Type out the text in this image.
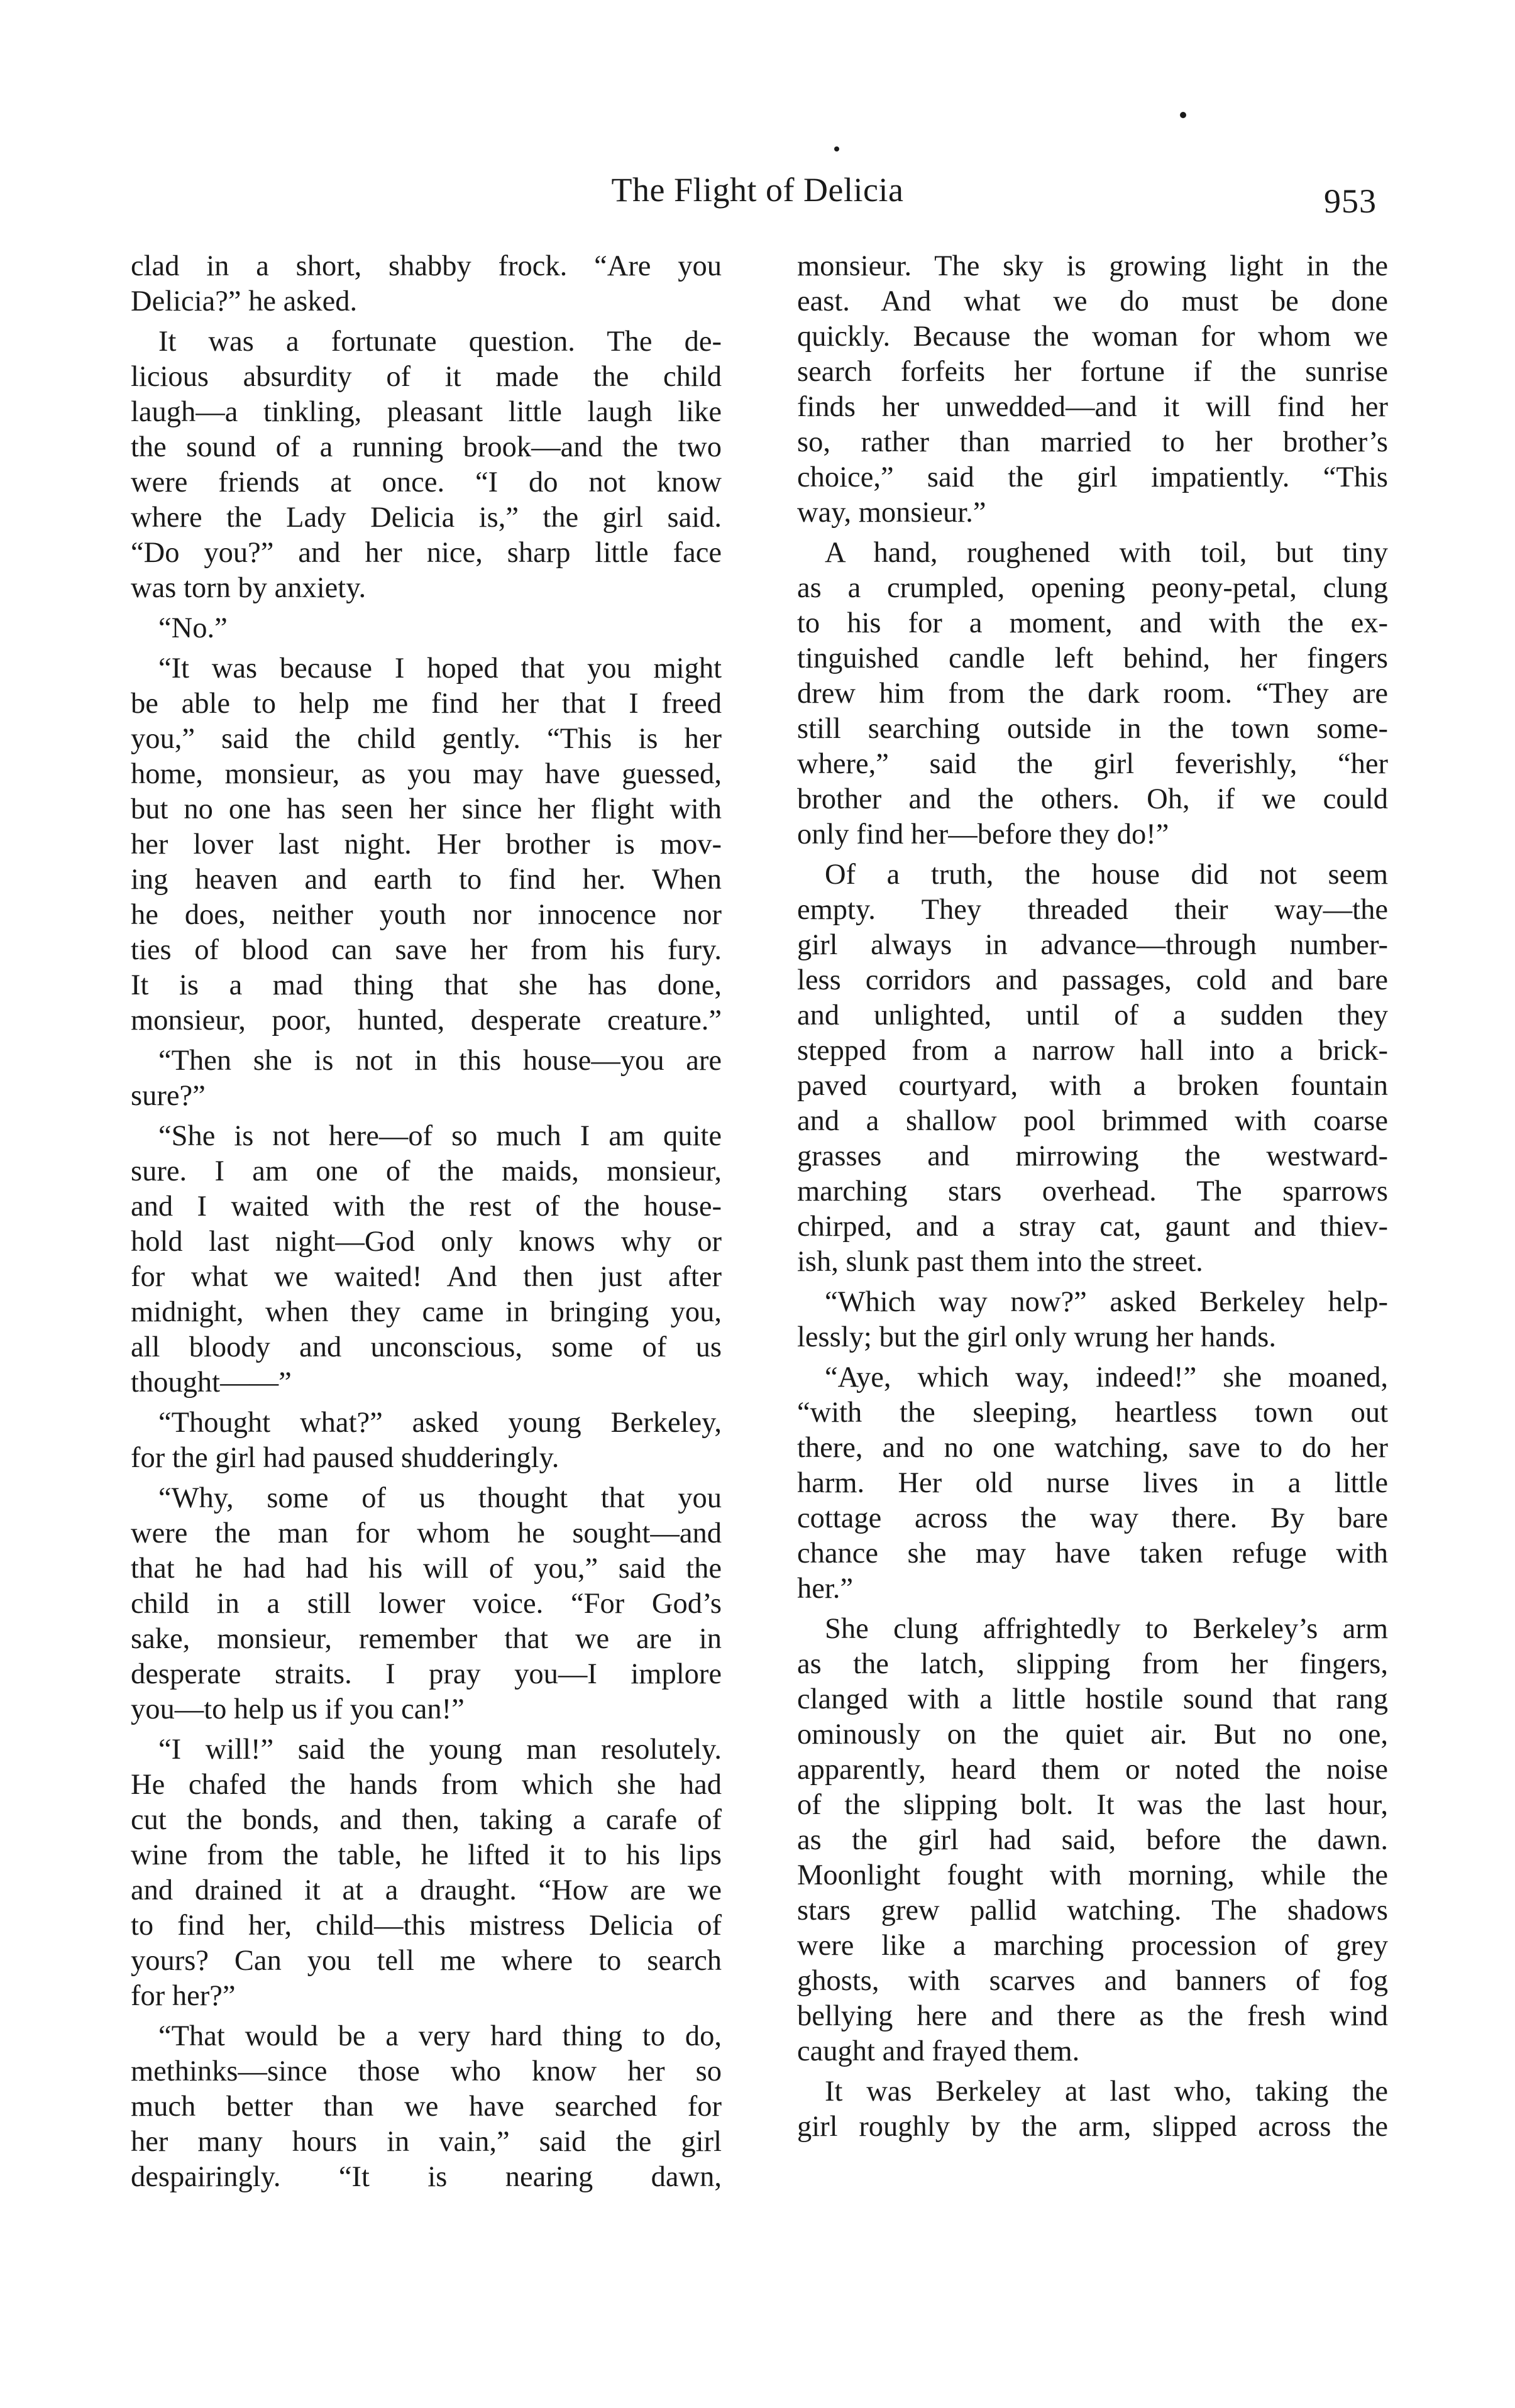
The Flight of Delicia	953
clad in a short, shabby frock. “Are you
Delicia?” he asked.
It was a fortunate question. The de-
licious absurdity of it made the child
laugh—a tinkling, pleasant little laugh like
the sound of a running brook—and the two
were friends at once. “I do not know
where the Lady Delicia is,” the girl said.
“Do you?” and her nice, sharp little face
was torn by anxiety.
“No.”
“It was because I hoped that you might
be able to help me find her that I freed
you,” said the child gently. “This is her
home, monsieur, as you may have guessed,
but no one has seen her since her flight with
her lover last night. Her brother is mov-
ing heaven and earth to find her. When
he does, neither youth nor innocence nor
ties of blood can save her from his fury.
It is a mad thing that she has done,
monsieur, poor, hunted, desperate creature.”
“Then she is not in this house—you are
sure?”
“She is not here—of so much I am quite
sure. I am one of the maids, monsieur,
and I waited with the rest of the house-
hold last night—God only knows why or
for what we waited! And then just after
midnight, when they came in bringing you,
all bloody and unconscious, some of us
thought——”
“Thought what?” asked young Berkeley,
for the girl had paused shudderingly.
“Why, some of us thought that you
were the man for whom he sought—and
that he had had his will of you,” said the
child in a still lower voice. “For God’s
sake, monsieur, remember that we are in
desperate straits. I pray you—I implore
you—to help us if you can!”
“I will!” said the young man resolutely.
He chafed the hands from which she had
cut the bonds, and then, taking a carafe of
wine from the table, he lifted it to his lips
and drained it at a draught. “How are we
to find her, child—this mistress Delicia of
yours? Can you tell me where to search
for her?”
“That would be a very hard thing to do,
methinks—since those who know her so
much better than we have searched for
her many hours in vain,” said the girl
despairingly. “It is nearing dawn,
monsieur. The sky is growing light in the
east. And what we do must be done
quickly. Because the woman for whom we
search forfeits her fortune if the sunrise
finds her unwedded—and it will find her
so, rather than married to her brother’s
choice,” said the girl impatiently. “This
way, monsieur.”
A hand, roughened with toil, but tiny
as a crumpled, opening peony-petal, clung
to his for a moment, and with the ex-
tinguished candle left behind, her fingers
drew him from the dark room. “They are
still searching outside in the town some-
where,” said the girl feverishly, “her
brother and the others. Oh, if we could
only find her—before they do!”
Of a truth, the house did not seem
empty. They threaded their way—the
girl always in advance—through number-
less corridors and passages, cold and bare
and unlighted, until of a sudden they
stepped from a narrow hall into a brick-
paved courtyard, with a broken fountain
and a shallow pool brimmed with coarse
grasses and mirrowing the westward-
marching stars overhead. The sparrows
chirped, and a stray cat, gaunt and thiev-
ish, slunk past them into the street.
“Which way now?” asked Berkeley help-
lessly; but the girl only wrung her hands.
“Aye, which way, indeed!” she moaned,
“with the sleeping, heartless town out
there, and no one watching, save to do her
harm. Her old nurse lives in a little
cottage across the way there. By bare
chance she may have taken refuge with
her.”
She clung affrightedly to Berkeley’s arm
as the latch, slipping from her fingers,
clanged with a little hostile sound that rang
ominously on the quiet air. But no one,
apparently, heard them or noted the noise
of the slipping bolt. It was the last hour,
as the girl had said, before the dawn.
Moonlight fought with morning, while the
stars grew pallid watching. The shadows
were like a marching procession of grey
ghosts, with scarves and banners of fog
bellying here and there as the fresh wind
caught and frayed them.
It was Berkeley at last who, taking the
girl roughly by the arm, slipped across the
